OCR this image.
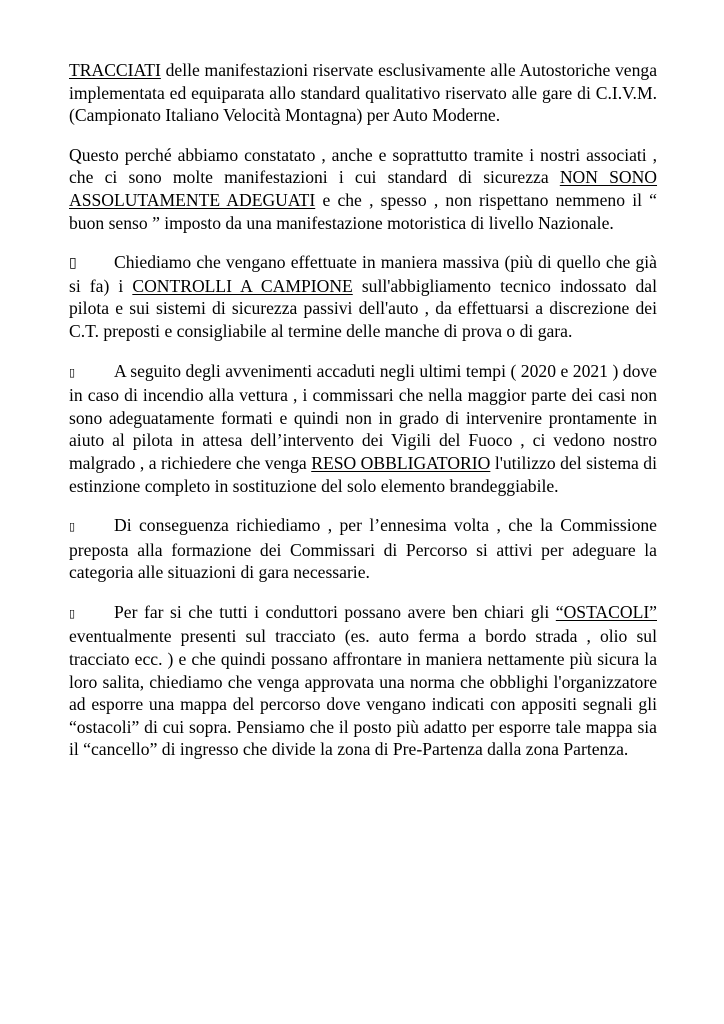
TRACCIATI delle manifestazioni riservate esclusivamente alle Autostoriche venga implementata ed equiparata allo standard qualitativo riservato alle gare di C.I.V.M. (Campionato Italiano Velocità Montagna) per Auto Moderne.

Questo perché abbiamo constatato , anche e soprattutto tramite i nostri associati , che ci sono molte manifestazioni i cui standard di sicurezza NON SONO ASSOLUTAMENTE ADEGUATI e che , spesso , non rispettano nemmeno il “ buon senso ” imposto da una manifestazione motoristica di livello Nazionale.

▯ Chiediamo che vengano effettuate in maniera massiva (più di quello che già si fa) i CONTROLLI A CAMPIONE sull'abbigliamento tecnico indossato dal pilota e sui sistemi di sicurezza passivi dell'auto , da effettuarsi a discrezione dei C.T. preposti e consigliabile al termine delle manche di prova o di gara.

▯ A seguito degli avvenimenti accaduti negli ultimi tempi ( 2020 e 2021 ) dove in caso di incendio alla vettura , i commissari che nella maggior parte dei casi non sono adeguatamente formati e quindi non in grado di intervenire prontamente in aiuto al pilota in attesa dell’intervento dei Vigili del Fuoco , ci vedono nostro malgrado , a richiedere che venga RESO OBBLIGATORIO l'utilizzo del sistema di estinzione completo in sostituzione del solo elemento brandeggiabile.

▯ Di conseguenza richiediamo , per l’ennesima volta , che la Commissione preposta alla formazione dei Commissari di Percorso si attivi per adeguare la categoria alle situazioni di gara necessarie.

▯ Per far si che tutti i conduttori possano avere ben chiari gli “OSTACOLI” eventualmente presenti sul tracciato (es. auto ferma a bordo strada , olio sul tracciato ecc. ) e che quindi possano affrontare in maniera nettamente più sicura la loro salita, chiediamo che venga approvata una norma che obblighi l'organizzatore ad esporre una mappa del percorso dove vengano indicati con appositi segnali gli “ostacoli” di cui sopra. Pensiamo che il posto più adatto per esporre tale mappa sia il “cancello” di ingresso che divide la zona di Pre-Partenza dalla zona Partenza.
